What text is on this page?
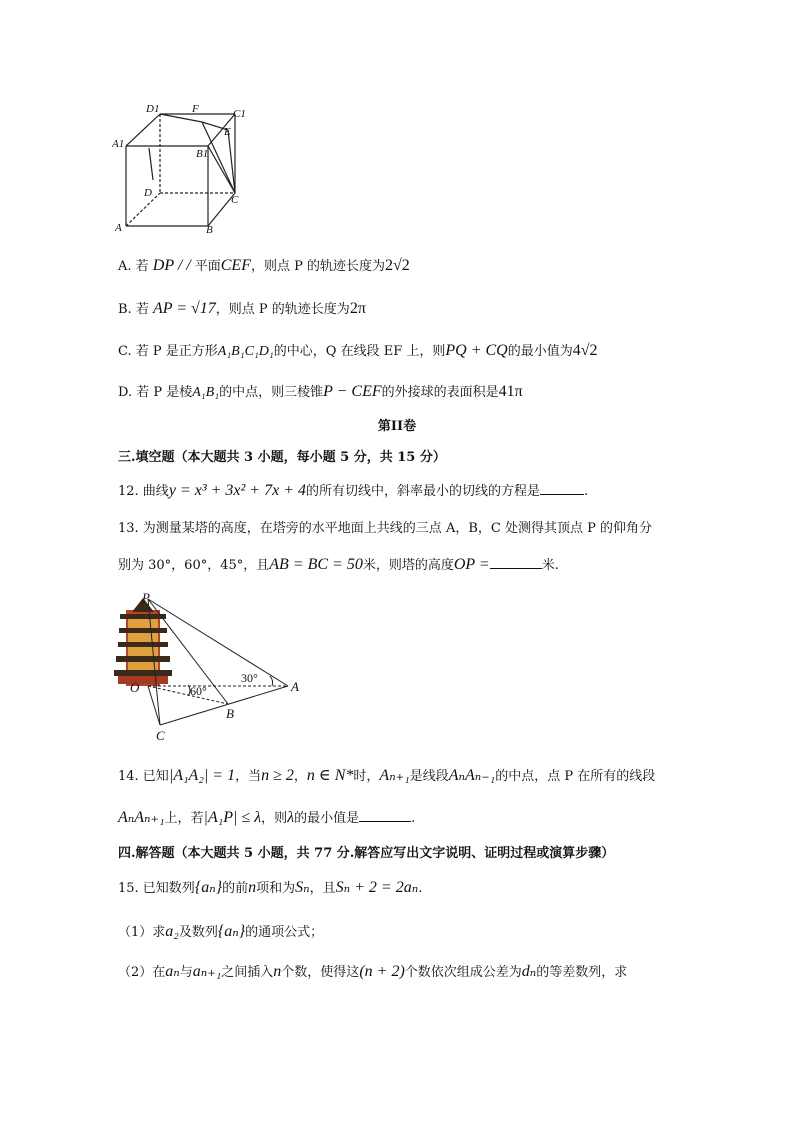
D1	F	C1
E
A1
B1
D
C
A	B
A. 若 DP / / 平面CEF，则点 P 的轨迹长度为2√2
B. 若 AP = √17，则点 P 的轨迹长度为2π
C. 若 P 是正方形A₁B₁C₁D₁的中心，Q 在线段 EF 上，则PQ + CQ的最小值为4√2
D. 若 P 是棱A₁B₁的中点，则三棱锥P − CEF的外接球的表面积是41π
第II卷
三.填空题（本大题共 3 小题，每小题 5 分，共 15 分）
12. 曲线y = x³ + 3x² + 7x + 4的所有切线中，斜率最小的切线的方程是	.
13. 为测量某塔的高度，在塔旁的水平地面上共线的三点 A，B，C 处测得其顶点 P 的仰角分
别为 30°，60°，45°，且AB = BC = 50米，则塔的高度OP =	米.
P
O	A
B
C
30°
60°
14. 已知|A₁A₂| = 1，当n ≥ 2，n ∈ N*时，Aₙ₊₁是线段AₙAₙ₋₁的中点，点 P 在所有的线段
AₙAₙ₊₁上，若|A₁P| ≤ λ，则λ的最小值是	.
四.解答题（本大题共 5 小题，共 77 分.解答应写出文字说明、证明过程或演算步骤）
15. 已知数列{aₙ}的前n项和为Sₙ，且Sₙ + 2 = 2aₙ.
（1）求a₂及数列{aₙ}的通项公式；
（2）在aₙ与aₙ₊₁之间插入n个数，使得这(n + 2)个数依次组成公差为dₙ的等差数列，求
